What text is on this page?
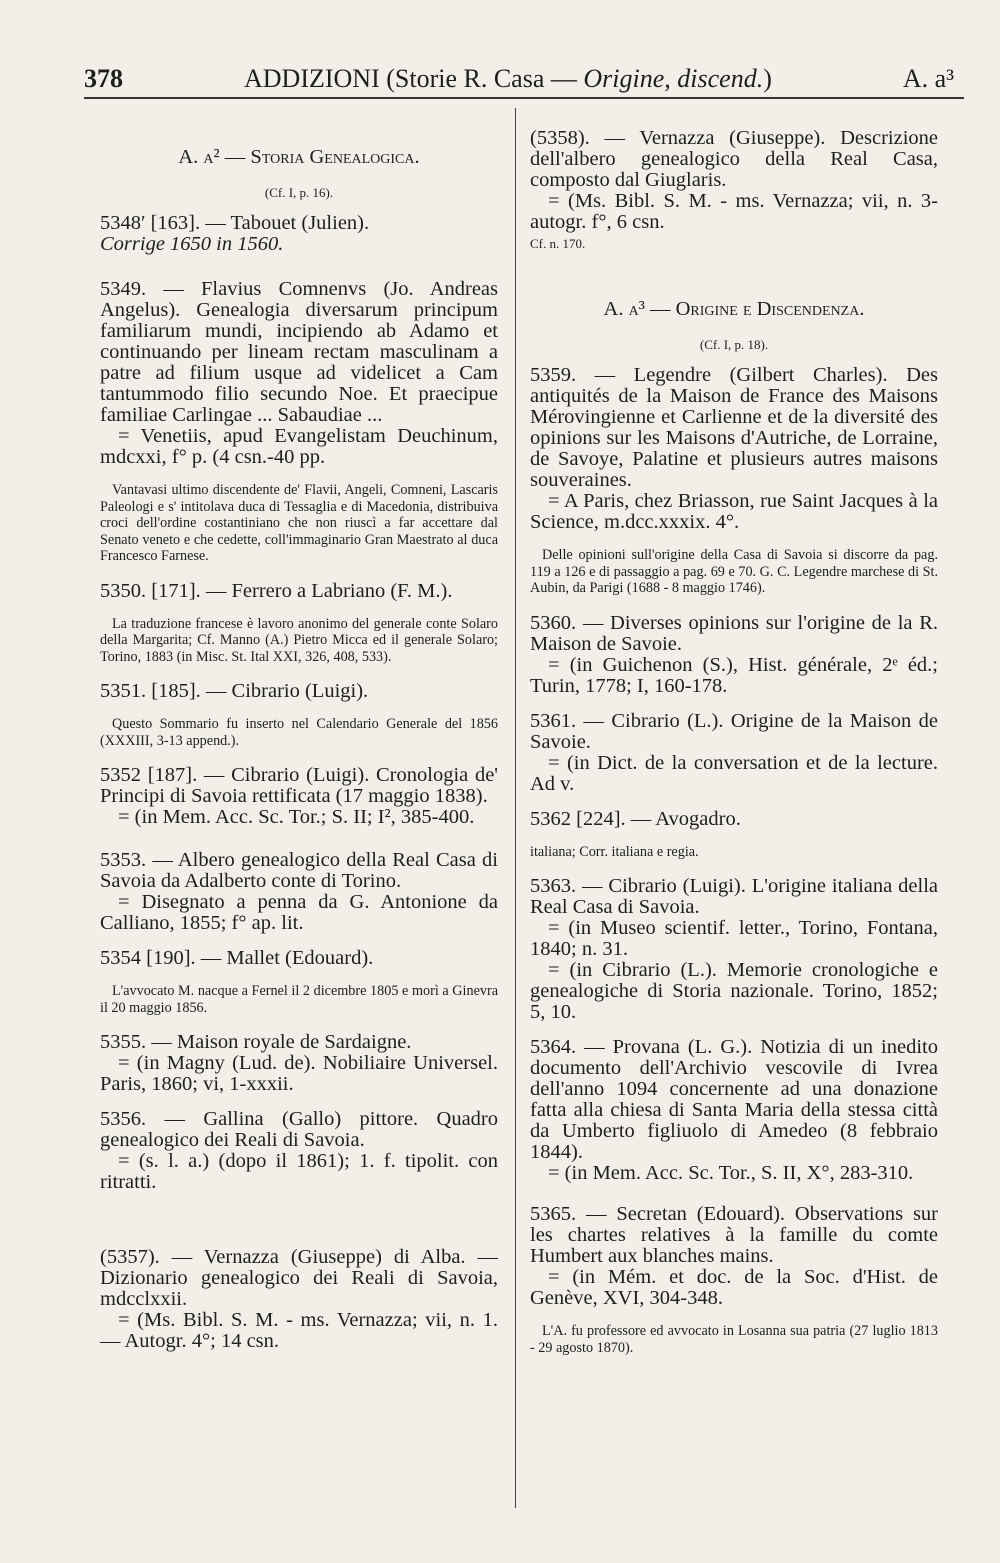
378	ADDIZIONI (Storie R. Casa — Origine, discend.)	A. a³
A. a² — Storia Genealogica.
(Cf. I, p. 16).

5348′ [163]. — Tabouet (Julien).

Corrige 1650 in 1560.

5349. — Flavius Comnenvs (Jo. Andreas Angelus). Genealogia diversarum principum familiarum mundi, incipiendo ab Adamo et continuando per lineam rectam masculinam a patre ad filium usque ad videlicet a Cam tantummodo filio secundo Noe. Et praecipue familiae Carlingae ... Sabaudiae ...

= Venetiis, apud Evangelistam Deuchinum, mdcxxi, f° p. (4 csn.-40 pp.

Vantavasi ultimo discendente de' Flavii, Angeli, Comneni, Lascaris Paleologi e s' intitolava duca di Tessaglia e di Macedonia, distribuiva croci dell'ordine costantiniano che non riuscì a far accettare dal Senato veneto e che cedette, coll'immaginario Gran Maestrato al duca Francesco Farnese.

5350. [171]. — Ferrero a Labriano (F. M.).

La traduzione francese è lavoro anonimo del generale conte Solaro della Margarita; Cf. Manno (A.) Pietro Micca ed il generale Solaro; Torino, 1883 (in Misc. St. Ital XXI, 326, 408, 533).

5351. [185]. — Cibrario (Luigi).

Questo Sommario fu inserto nel Calendario Generale del 1856 (XXXIII, 3-13 append.).

5352 [187]. — Cibrario (Luigi). Cronologia de' Principi di Savoia rettificata (17 maggio 1838).

= (in Mem. Acc. Sc. Tor.; S. II; I², 385-400.

5353. — Albero genealogico della Real Casa di Savoia da Adalberto conte di Torino.

= Disegnato a penna da G. Antonione da Calliano, 1855; f° ap. lit.

5354 [190]. — Mallet (Edouard).

L'avvocato M. nacque a Fernel il 2 dicembre 1805 e morì a Ginevra il 20 maggio 1856.

5355. — Maison royale de Sardaigne.

= (in Magny (Lud. de). Nobiliaire Universel. Paris, 1860; vi, 1-xxxii.

5356. — Gallina (Gallo) pittore. Quadro genealogico dei Reali di Savoia.

= (s. l. a.) (dopo il 1861); 1. f. tipolit. con ritratti.

(5357). — Vernazza (Giuseppe) di Alba. — Dizionario genealogico dei Reali di Savoia, mdcclxxii.

= (Ms. Bibl. S. M. - ms. Vernazza; vii, n. 1. — Autogr. 4°; 14 csn.

(5358). — Vernazza (Giuseppe). Descrizione dell'albero genealogico della Real Casa, composto dal Giuglaris.

= (Ms. Bibl. S. M. - ms. Vernazza; vii, n. 3- autogr. f°, 6 csn.

Cf. n. 170.

A. a³ — Origine e Discendenza.
(Cf. I, p. 18).

5359. — Legendre (Gilbert Charles). Des antiquités de la Maison de France des Maisons Mérovingienne et Carlienne et de la diversité des opinions sur les Maisons d'Autriche, de Lorraine, de Savoye, Palatine et plusieurs autres maisons souveraines.

= A Paris, chez Briasson, rue Saint Jacques à la Science, m.dcc.xxxix. 4°.

Delle opinioni sull'origine della Casa di Savoia si discorre da pag. 119 a 126 e di passaggio a pag. 69 e 70. G. C. Legendre marchese di St. Aubin, da Parigi (1688 - 8 maggio 1746).

5360. — Diverses opinions sur l'origine de la R. Maison de Savoie.

= (in Guichenon (S.), Hist. générale, 2ᵉ éd.; Turin, 1778; I, 160-178.

5361. — Cibrario (L.). Origine de la Maison de Savoie.

= (in Dict. de la conversation et de la lecture. Ad v.

5362 [224]. — Avogadro.

italiana; Corr. italiana e regia.

5363. — Cibrario (Luigi). L'origine italiana della Real Casa di Savoia.

= (in Museo scientif. letter., Torino, Fontana, 1840; n. 31.

= (in Cibrario (L.). Memorie cronologiche e genealogiche di Storia nazionale. Torino, 1852; 5, 10.

5364. — Provana (L. G.). Notizia di un inedito documento dell'Archivio vescovile di Ivrea dell'anno 1094 concernente ad una donazione fatta alla chiesa di Santa Maria della stessa città da Umberto figliuolo di Amedeo (8 febbraio 1844).

= (in Mem. Acc. Sc. Tor., S. II, X°, 283-310.

5365. — Secretan (Edouard). Observations sur les chartes relatives à la famille du comte Humbert aux blanches mains.

= (in Mém. et doc. de la Soc. d'Hist. de Genève, XVI, 304-348.

L'A. fu professore ed avvocato in Losanna sua patria (27 luglio 1813 - 29 agosto 1870).
